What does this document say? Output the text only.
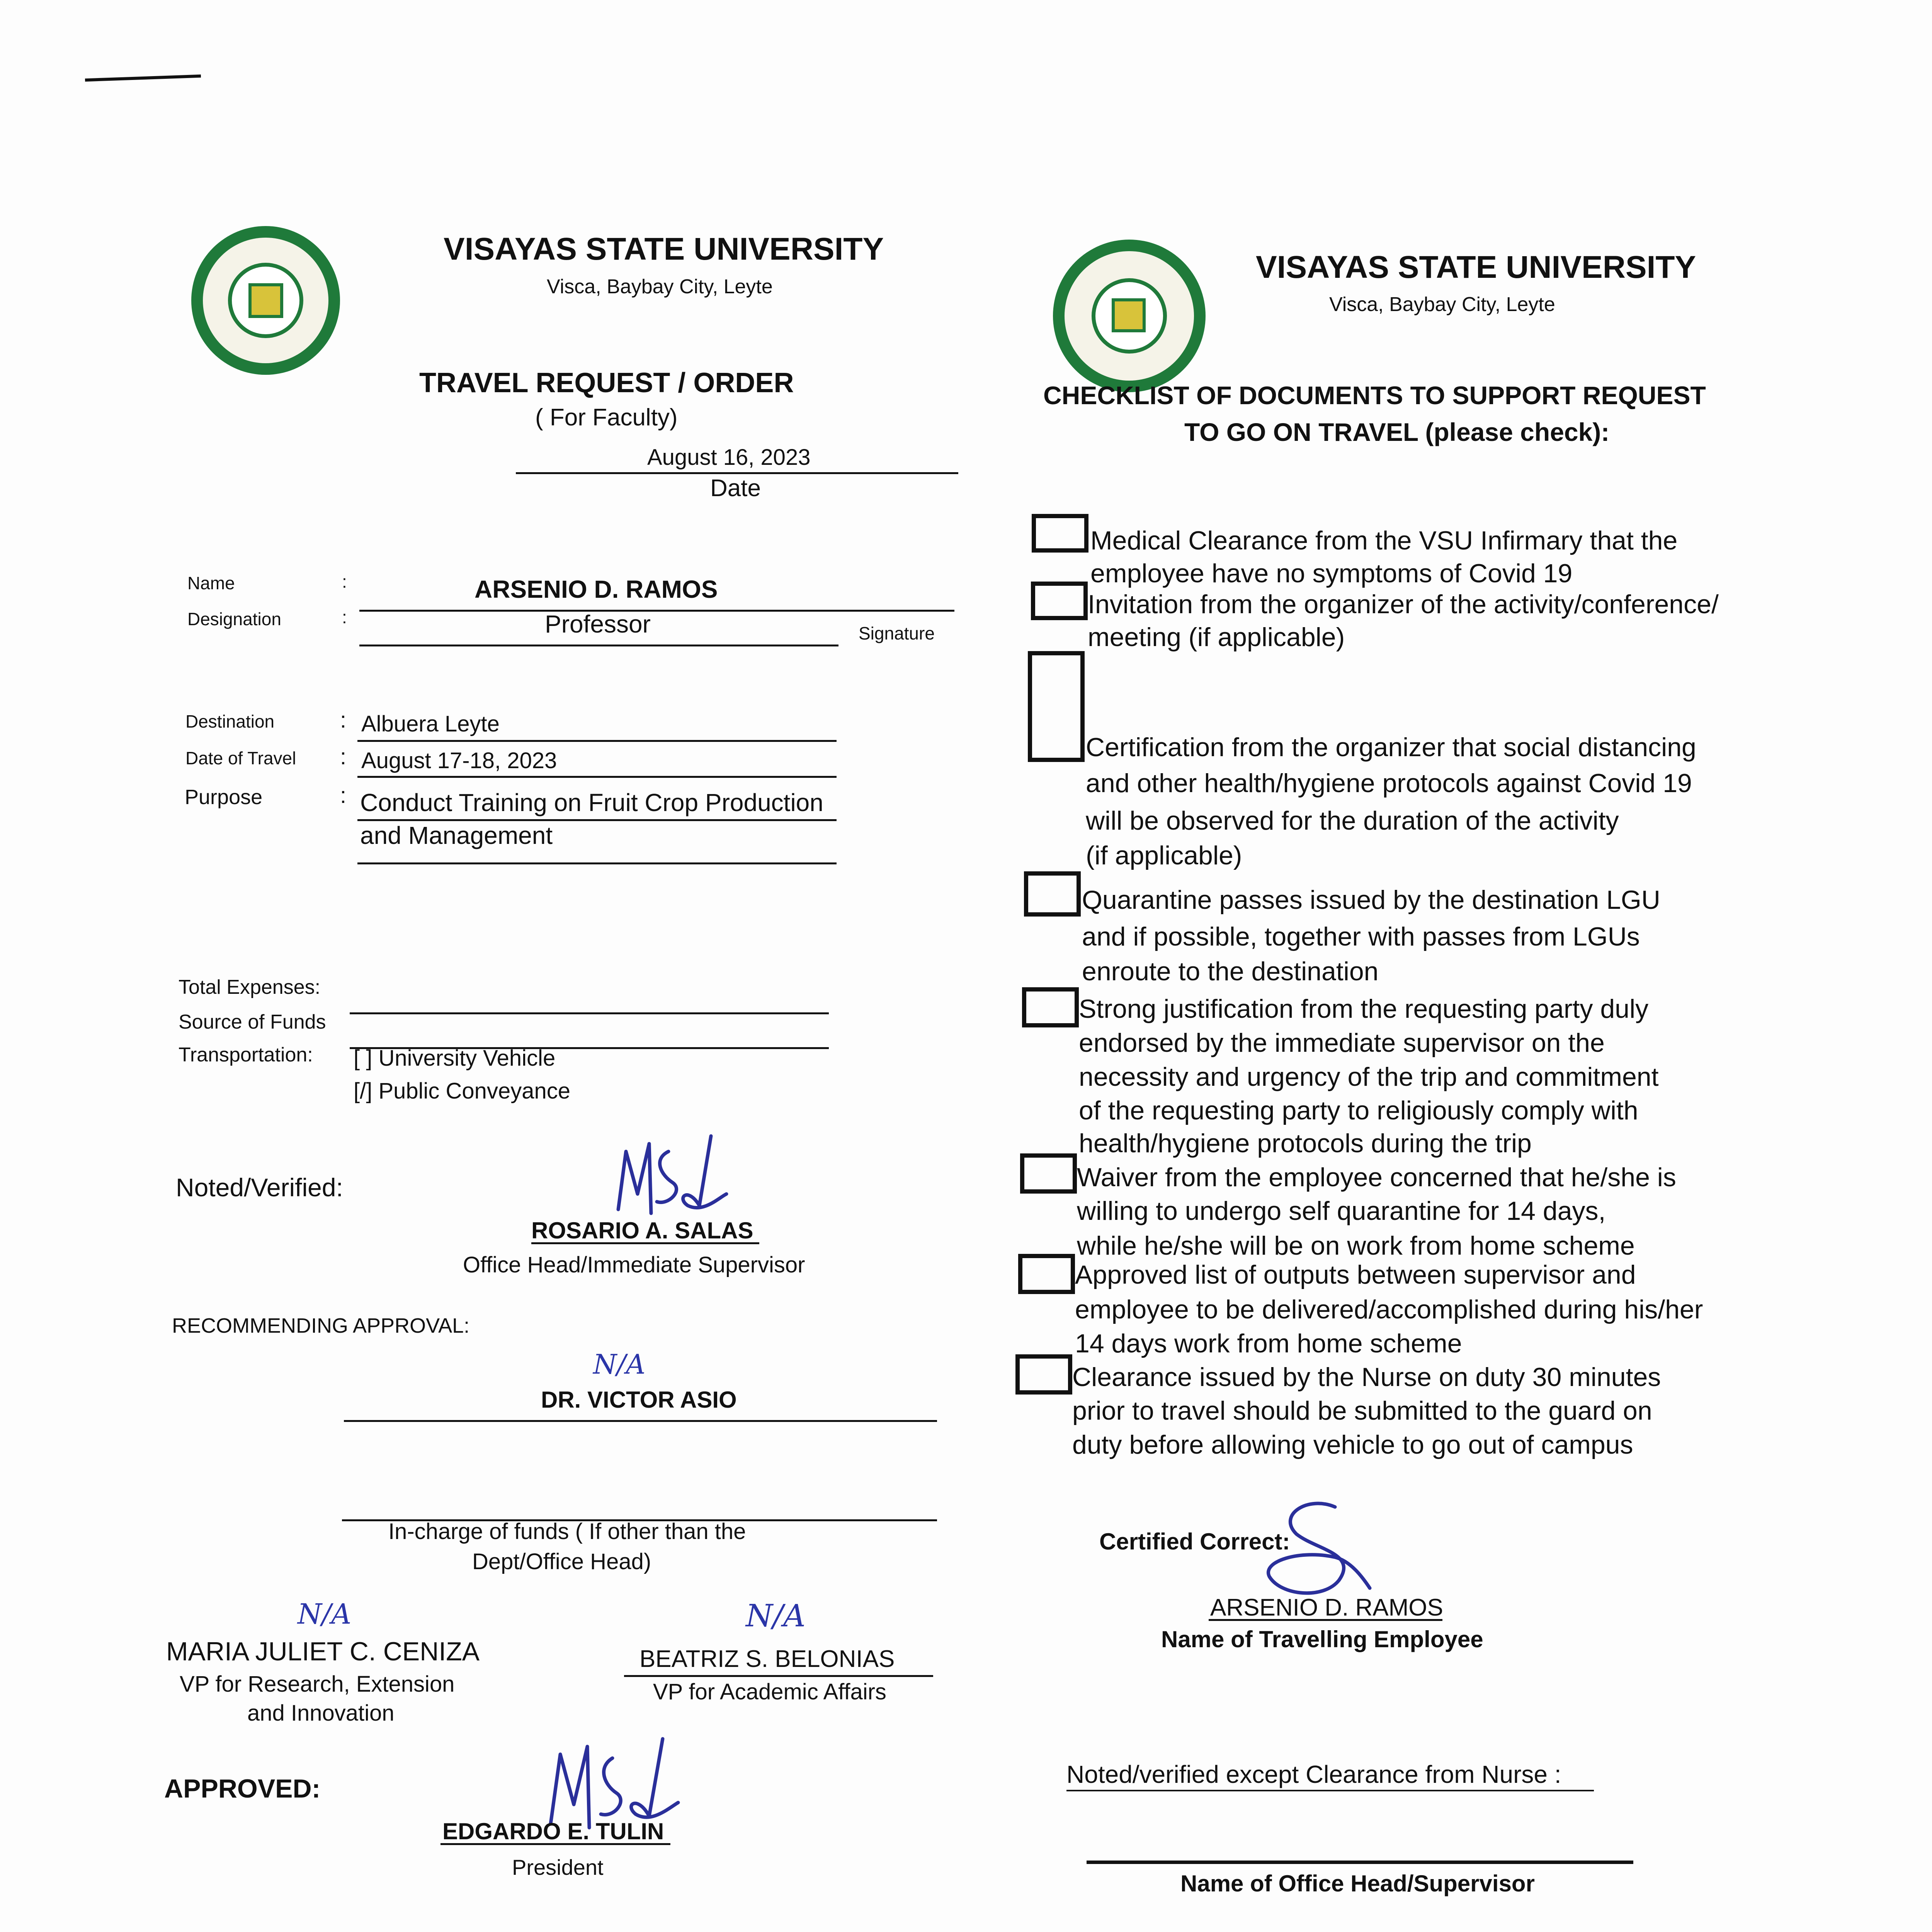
VISAYAS STATE UNIVERSITY
Visca, Baybay City, Leyte
VISAYAS STATE UNIVERSITY
Visca, Baybay City, Leyte
TRAVEL REQUEST / ORDER
( For Faculty)
August 16, 2023
Date
Name	:	ARSENIO D. RAMOS
Designation	:	Professor	Signature
Destination	: Albuera Leyte
Date of Travel : August 17-18, 2023
Purpose	: Conduct Training on Fruit Crop Production
and Management
Total Expenses:
Source of Funds
Transportation: [ ] University Vehicle
[/] Public Conveyance
Noted/Verified:
ROSARIO A. SALAS
Office Head/Immediate Supervisor
RECOMMENDING APPROVAL:
N/A
DR. VICTOR ASIO
In-charge of funds ( If other than the
Dept/Office Head)
N/A
MARIA JULIET C. CENIZA
VP for Research, Extension
and Innovation
N/A
BEATRIZ S. BELONIAS
VP for Academic Affairs
APPROVED:
EDGARDO E. TULIN
President
CHECKLIST OF DOCUMENTS TO SUPPORT REQUEST
TO GO ON TRAVEL (please check):
Medical Clearance from the VSU Infirmary that the
employee have no symptoms of Covid 19
Invitation from the organizer of the activity/conference/
meeting (if applicable)
Certification from the organizer that social distancing
and other health/hygiene protocols against Covid 19
will be observed for the duration of the activity
(if applicable)
Quarantine passes issued by the destination LGU
and if possible, together with passes from LGUs
enroute to the destination
Strong justification from the requesting party duly
endorsed by the immediate supervisor on the
necessity and urgency of the trip and commitment
of the requesting party to religiously comply with
health/hygiene protocols during the trip
Waiver from the employee concerned that he/she is
willing to undergo self quarantine for 14 days,
while he/she will be on work from home scheme
Approved list of outputs between supervisor and
employee to be delivered/accomplished during his/her
14 days work from home scheme
Clearance issued by the Nurse on duty 30 minutes
prior to travel should be submitted to the guard on
duty before allowing vehicle to go out of campus
Certified Correct:
ARSENIO D. RAMOS
Name of Travelling Employee
Noted/verified except Clearance from Nurse :
Name of Office Head/Supervisor
